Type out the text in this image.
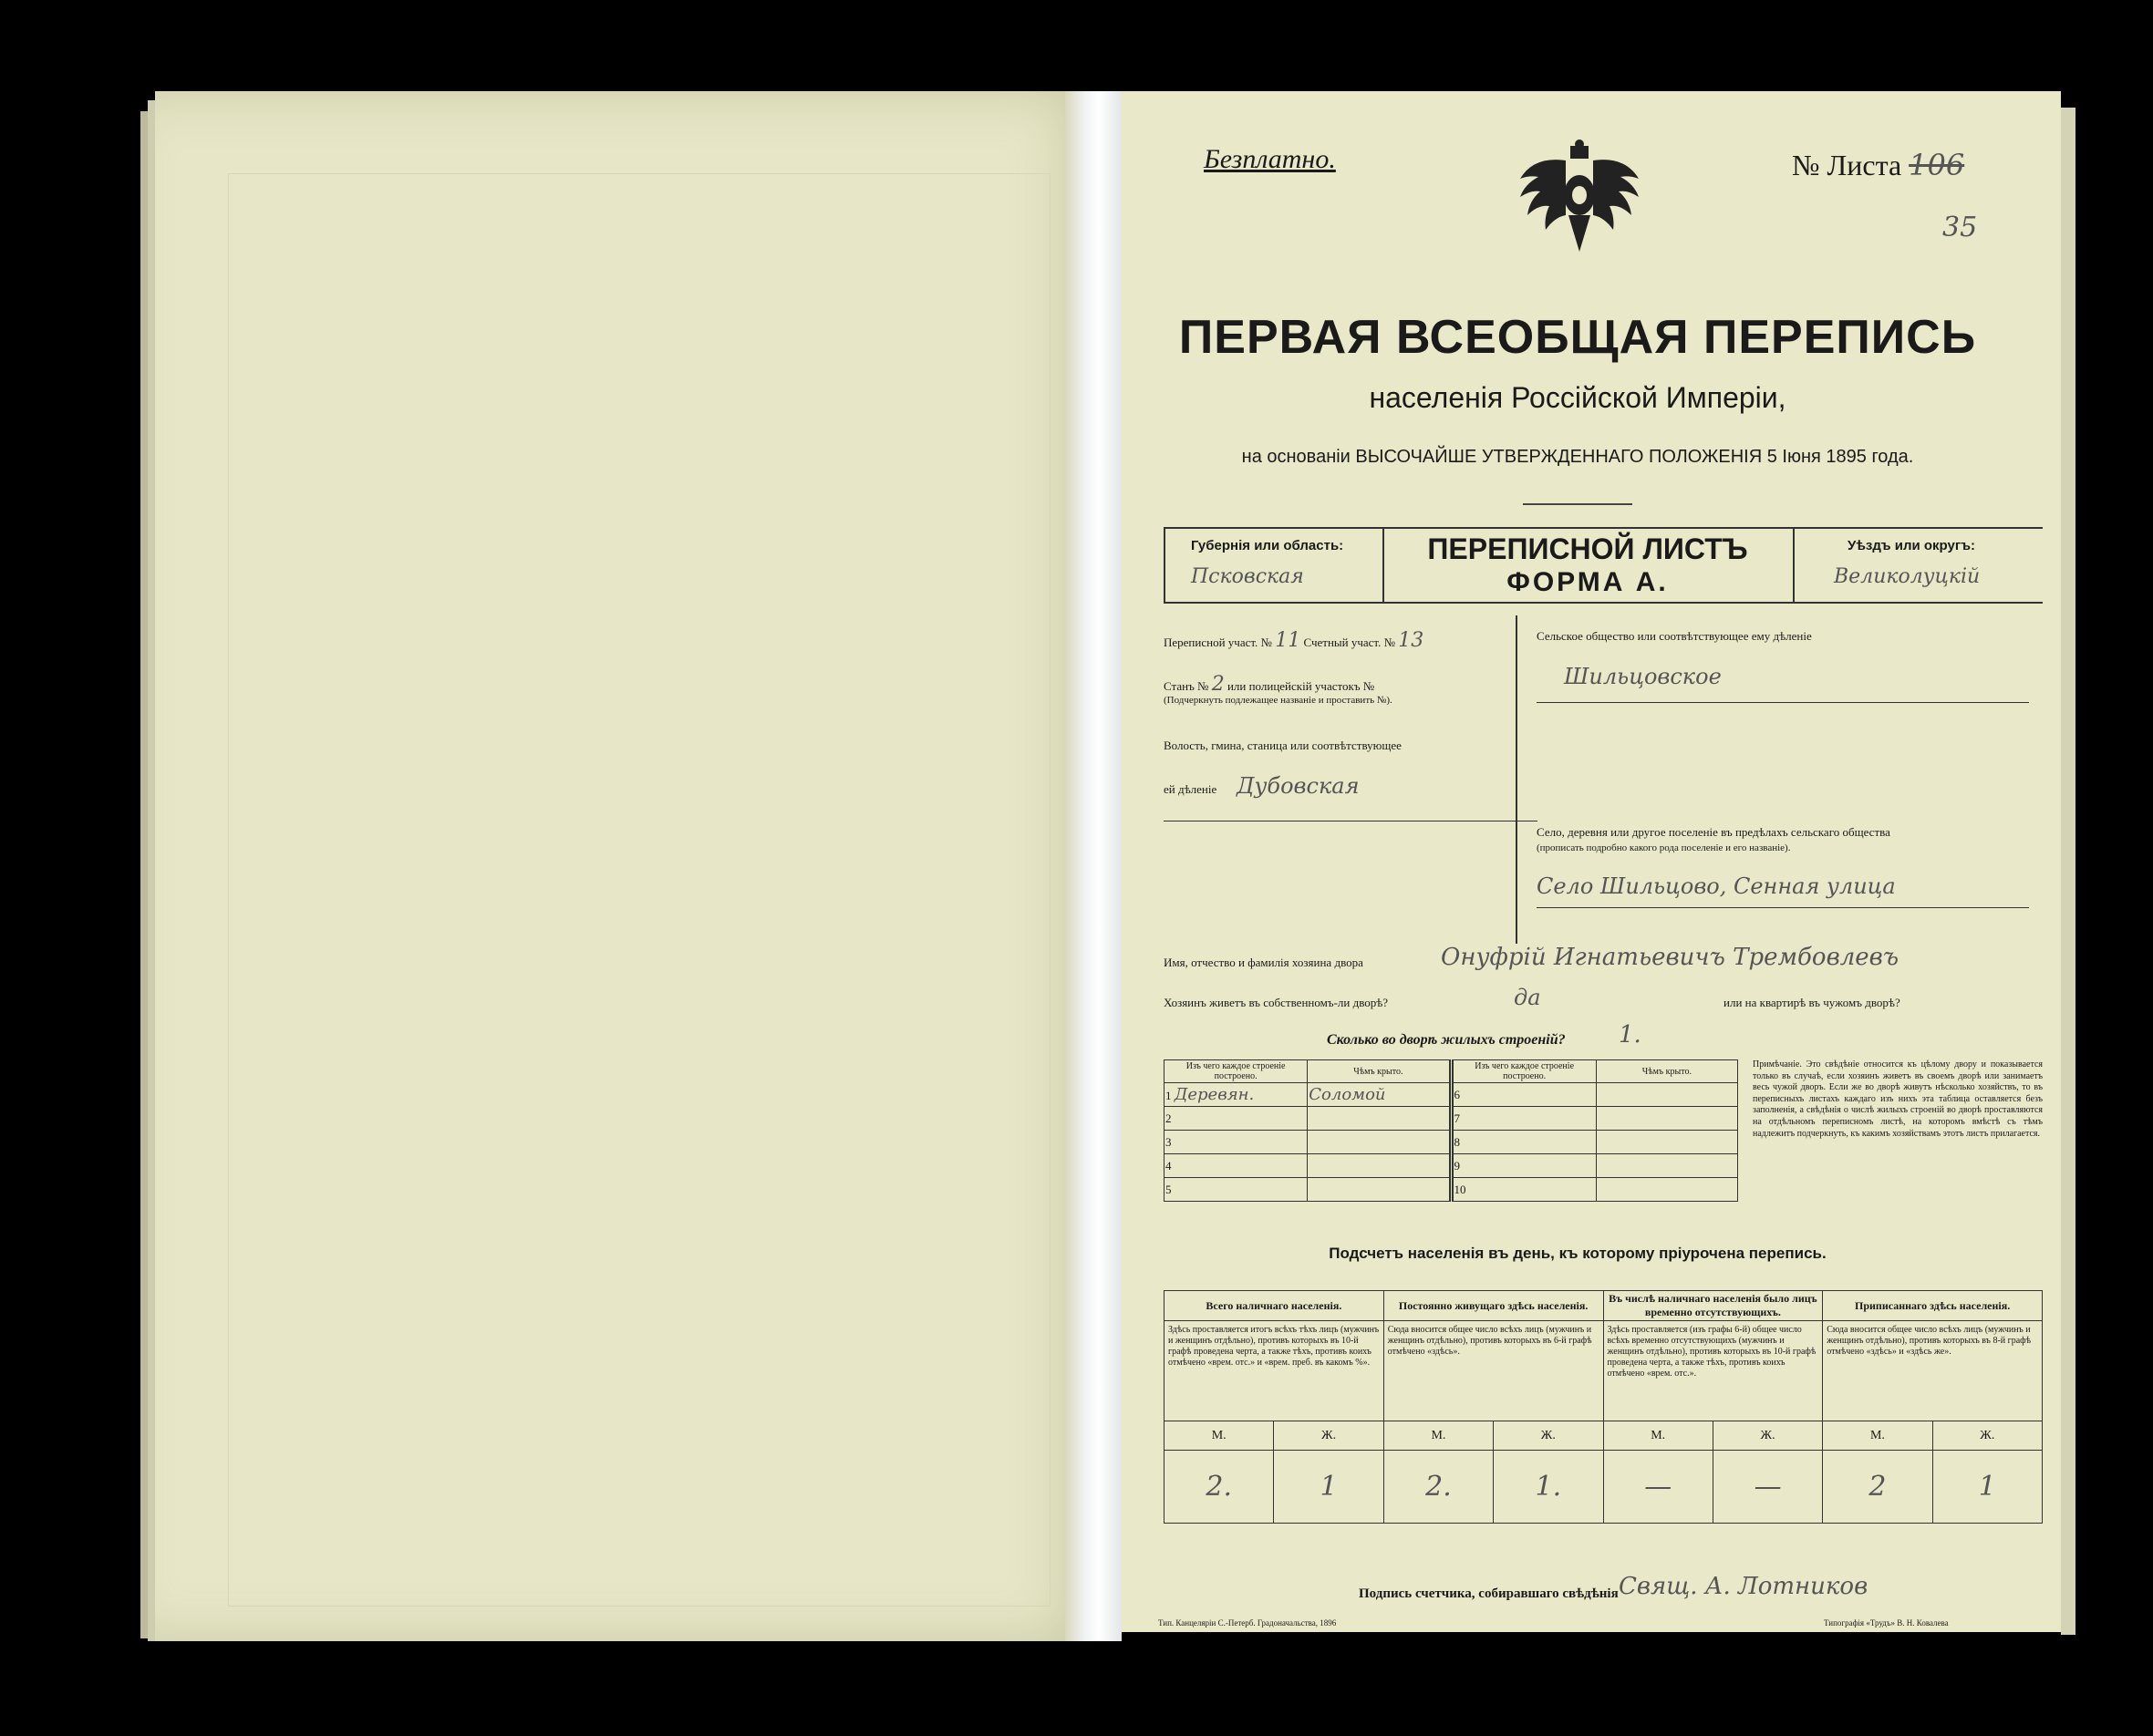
Безплатно.	№ Листа 106
35
ПЕРВАЯ ВСЕОБЩАЯ ПЕРЕПИСЬ
населенія Россійской Имперіи,
на основаніи ВЫСОЧАЙШЕ УТВЕРЖДЕННАГО ПОЛОЖЕНІЯ 5 Іюня 1895 года.
Губернія или область:
Псковская
ПЕРЕПИСНОЙ ЛИСТЪ
ФОРМА А.
Уѣздъ или округъ:
Великолуцкій
Переписной участ. № 11 Счетный участ. № 13
Станъ № 2 или полицейскій участокъ №
(Подчеркнуть подлежащее названіе и проставить №).
Волость, гмина, станица или соотвѣтствующее
ей дѣленіе Дубовская
Сельское общество или соотвѣтствующее ему дѣленіе
Шильцовское
Село, деревня или другое поселеніе въ предѣлахъ сельскаго общества
(прописать подробно какого рода поселеніе и его названіе).
Село Шильцово, Сенная улица
Имя, отчество и фамилія хозяина двора	Онуфрій Игнатьевичъ Трембовлевъ
Хозяинъ живетъ въ собственномъ-ли дворѣ?	да	или на квартирѣ въ чужомъ дворѣ?
Сколько во дворѣ жилыхъ строеній? 1.
Изъ чего каждое строеніе построено.	Чѣмъ крыто.	Изъ чего каждое строеніе построено.	Чѣмъ крыто.
1 Деревян.	Соломой	6	
2		7	
3		8	
4		9	
5		10	
Примѣчаніе. Это свѣдѣніе относится къ цѣлому двору и показывается только въ случаѣ, если хозяинъ живетъ въ своемъ дворѣ или занимаетъ весь чужой дворъ. Если же во дворѣ живутъ нѣсколько хозяйствъ, то въ переписныхъ листахъ каждаго изъ нихъ эта таблица оставляется безъ заполненія, а свѣдѣнія о числѣ жилыхъ строеній во дворѣ проставляются на отдѣльномъ переписномъ листѣ, на которомъ вмѣстѣ съ тѣмъ надлежитъ подчеркнуть, къ какимъ хозяйствамъ этотъ листъ прилагается.
Подсчетъ населенія въ день, къ которому пріурочена перепись.
Всего наличнаго населенія.		Постоянно живущаго здѣсь населенія.		Въ числѣ наличнаго населенія было лицъ временно отсутствующихъ.		Приписаннаго здѣсь населенія.	
Здѣсь проставляется итогъ всѣхъ тѣхъ лицъ (мужчинъ и женщинъ отдѣльно), противъ которыхъ въ 10-й графѣ проведена черта, а также тѣхъ, противъ коихъ отмѣчено «врем. отс.» и «врем. преб. въ какомъ %».		Сюда вносится общее число всѣхъ лицъ (мужчинъ и женщинъ отдѣльно), противъ которыхъ въ 6-й графѣ отмѣчено «здѣсь».		Здѣсь проставляется (изъ графы 6-й) общее число всѣхъ временно отсутствующихъ (мужчинъ и женщинъ отдѣльно), противъ которыхъ въ 10-й графѣ проведена черта, а также тѣхъ, противъ коихъ отмѣчено «врем. отс.».		Сюда вносится общее число всѣхъ лицъ (мужчинъ и женщинъ отдѣльно), противъ которыхъ въ 8-й графѣ отмѣчено «здѣсь» и «здѣсь же».	
М.	Ж.	М.	Ж.	М.	Ж.	М.	Ж.
2.	1	2.	1.	—	—	2	1
Подпись счетчика, собиравшаго свѣдѣнія Свящ. А. Лотников
Тип. Канцеляріи С.-Петерб. Градоначальства, 1896	Типографія «Трудъ» В. Н. Ковалева
